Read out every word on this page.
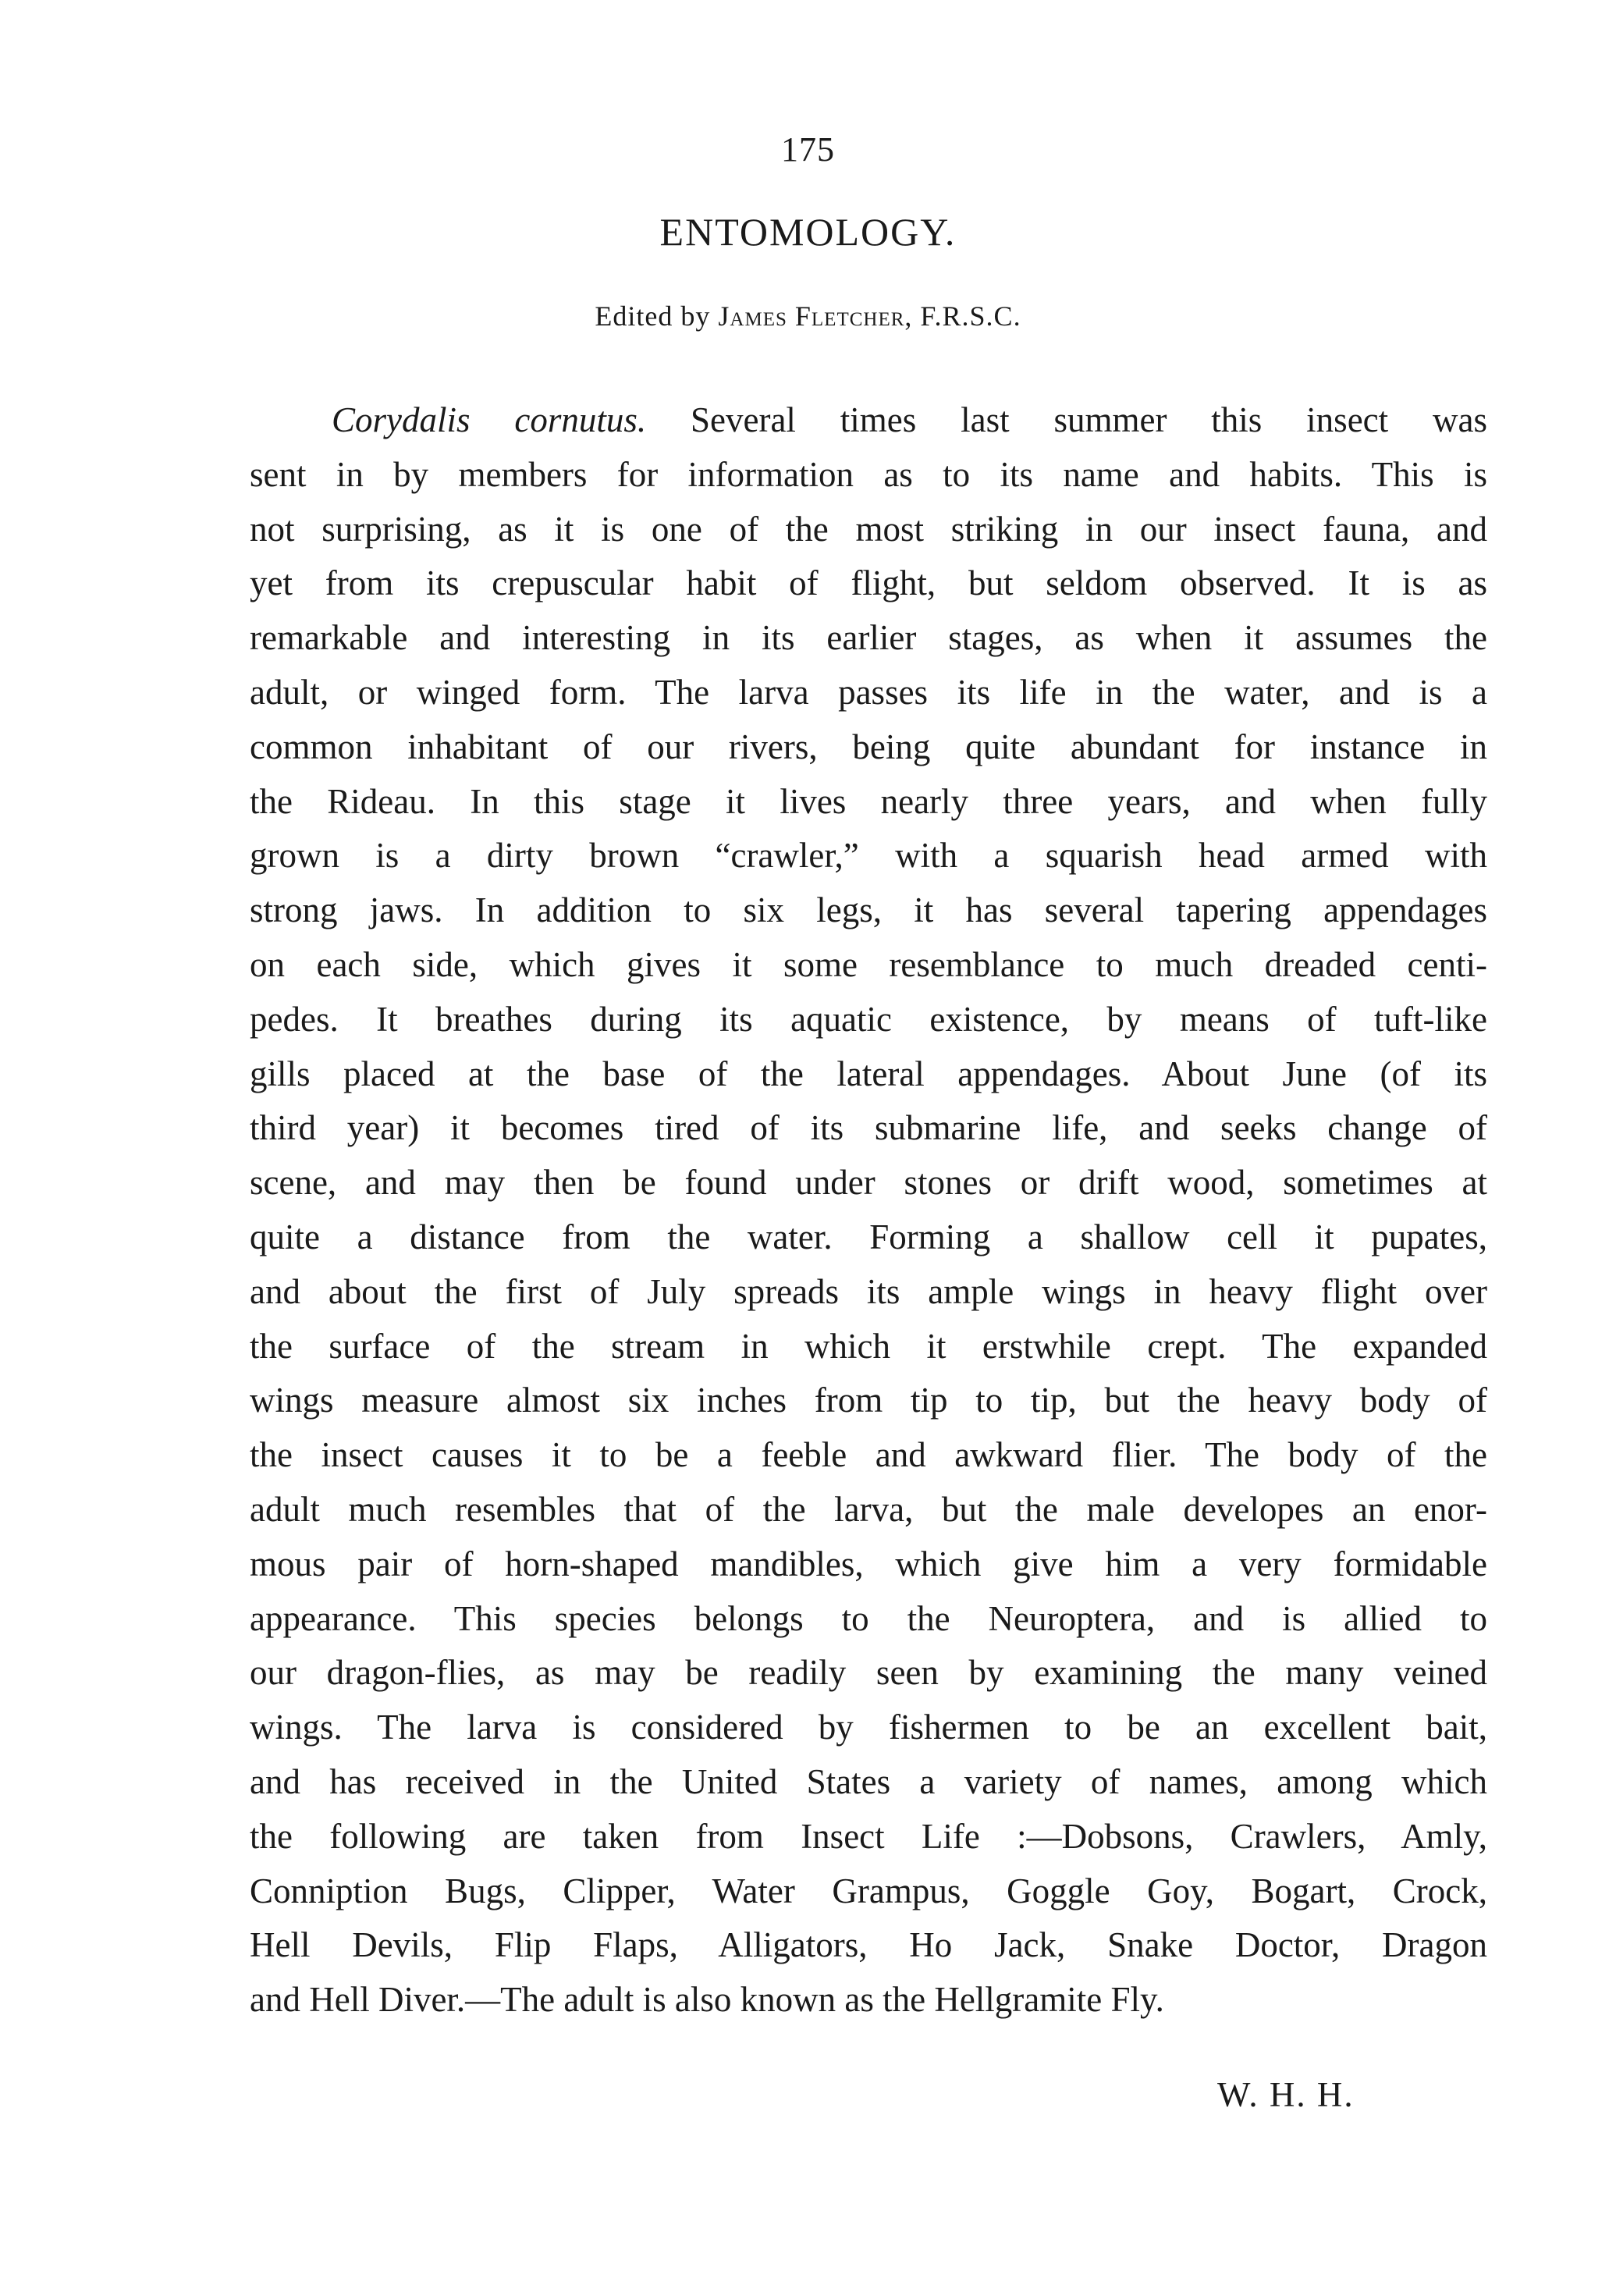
175
ENTOMOLOGY.
Edited by James Fletcher, F.R.S.C.
Corydalis cornutus. Several times last summer this insect was
sent in by members for information as to its name and habits. This is
not surprising, as it is one of the most striking in our insect fauna, and
yet from its crepuscular habit of flight, but seldom observed. It is as
remarkable and interesting in its earlier stages, as when it assumes the
adult, or winged form. The larva passes its life in the water, and is a
common inhabitant of our rivers, being quite abundant for instance in
the Rideau. In this stage it lives nearly three years, and when fully
grown is a dirty brown “crawler,” with a squarish head armed with
strong jaws. In addition to six legs, it has several tapering appendages
on each side, which gives it some resemblance to much dreaded centi-
pedes. It breathes during its aquatic existence, by means of tuft-like
gills placed at the base of the lateral appendages. About June (of its
third year) it becomes tired of its submarine life, and seeks change of
scene, and may then be found under stones or drift wood, sometimes at
quite a distance from the water. Forming a shallow cell it pupates,
and about the first of July spreads its ample wings in heavy flight over
the surface of the stream in which it erstwhile crept. The expanded
wings measure almost six inches from tip to tip, but the heavy body of
the insect causes it to be a feeble and awkward flier. The body of the
adult much resembles that of the larva, but the male developes an enor-
mous pair of horn-shaped mandibles, which give him a very formidable
appearance. This species belongs to the Neuroptera, and is allied to
our dragon-flies, as may be readily seen by examining the many veined
wings. The larva is considered by fishermen to be an excellent bait,
and has received in the United States a variety of names, among which
the following are taken from Insect Life :—Dobsons, Crawlers, Amly,
Conniption Bugs, Clipper, Water Grampus, Goggle Goy, Bogart, Crock,
Hell Devils, Flip Flaps, Alligators, Ho Jack, Snake Doctor, Dragon
and Hell Diver.—The adult is also known as the Hellgramite Fly.
W. H. H.
